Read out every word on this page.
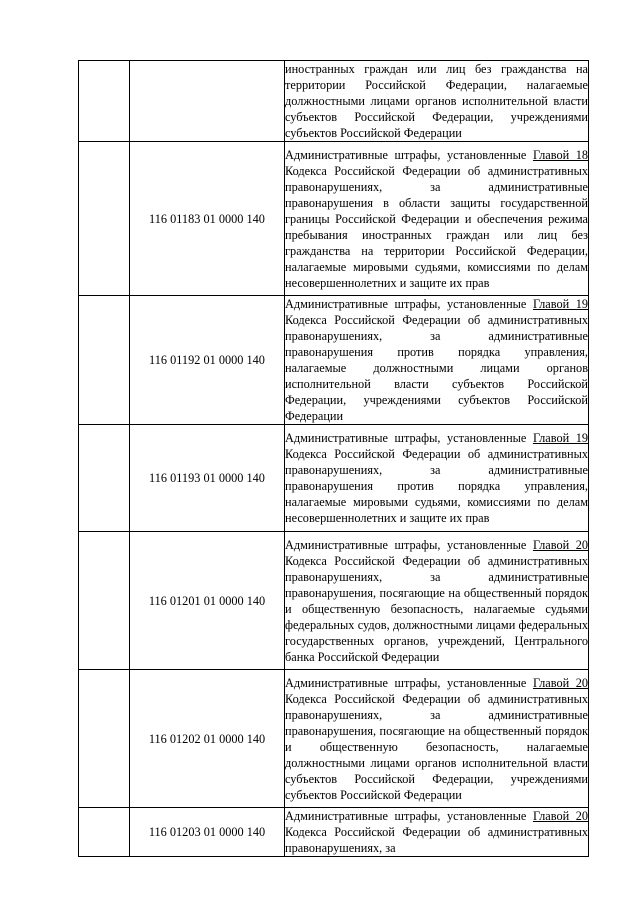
		иностранных граждан или лиц без гражданства на территории Российской Федерации, налагаемые должностными лицами органов исполнительной власти субъектов Российской Федерации, учреждениями субъектов Российской Федерации
	116 01183 01 0000 140	Административные штрафы, установленные Главой 18 Кодекса Российской Федерации об административных правонарушениях, за административные правонарушения в области защиты государственной границы Российской Федерации и обеспечения режима пребывания иностранных граждан или лиц без гражданства на территории Российской Федерации, налагаемые мировыми судьями, комиссиями по делам несовершеннолетних и защите их прав
	116 01192 01 0000 140	Административные штрафы, установленные Главой 19 Кодекса Российской Федерации об административных правонарушениях, за административные правонарушения против порядка управления, налагаемые должностными лицами органов исполнительной власти субъектов Российской Федерации, учреждениями субъектов Российской Федерации
	116 01193 01 0000 140	Административные штрафы, установленные Главой 19 Кодекса Российской Федерации об административных правонарушениях, за административные правонарушения против порядка управления, налагаемые мировыми судьями, комиссиями по делам несовершеннолетних и защите их прав
	116 01201 01 0000 140	Административные штрафы, установленные Главой 20 Кодекса Российской Федерации об административных правонарушениях, за административные правонарушения, посягающие на общественный порядок и общественную безопасность, налагаемые судьями федеральных судов, должностными лицами федеральных государственных органов, учреждений, Центрального банка Российской Федерации
	116 01202 01 0000 140	Административные штрафы, установленные Главой 20 Кодекса Российской Федерации об административных правонарушениях, за административные правонарушения, посягающие на общественный порядок и общественную безопасность, налагаемые должностными лицами органов исполнительной власти субъектов Российской Федерации, учреждениями субъектов Российской Федерации
	116 01203 01 0000 140	Административные штрафы, установленные Главой 20 Кодекса Российской Федерации об административных правонарушениях, за
